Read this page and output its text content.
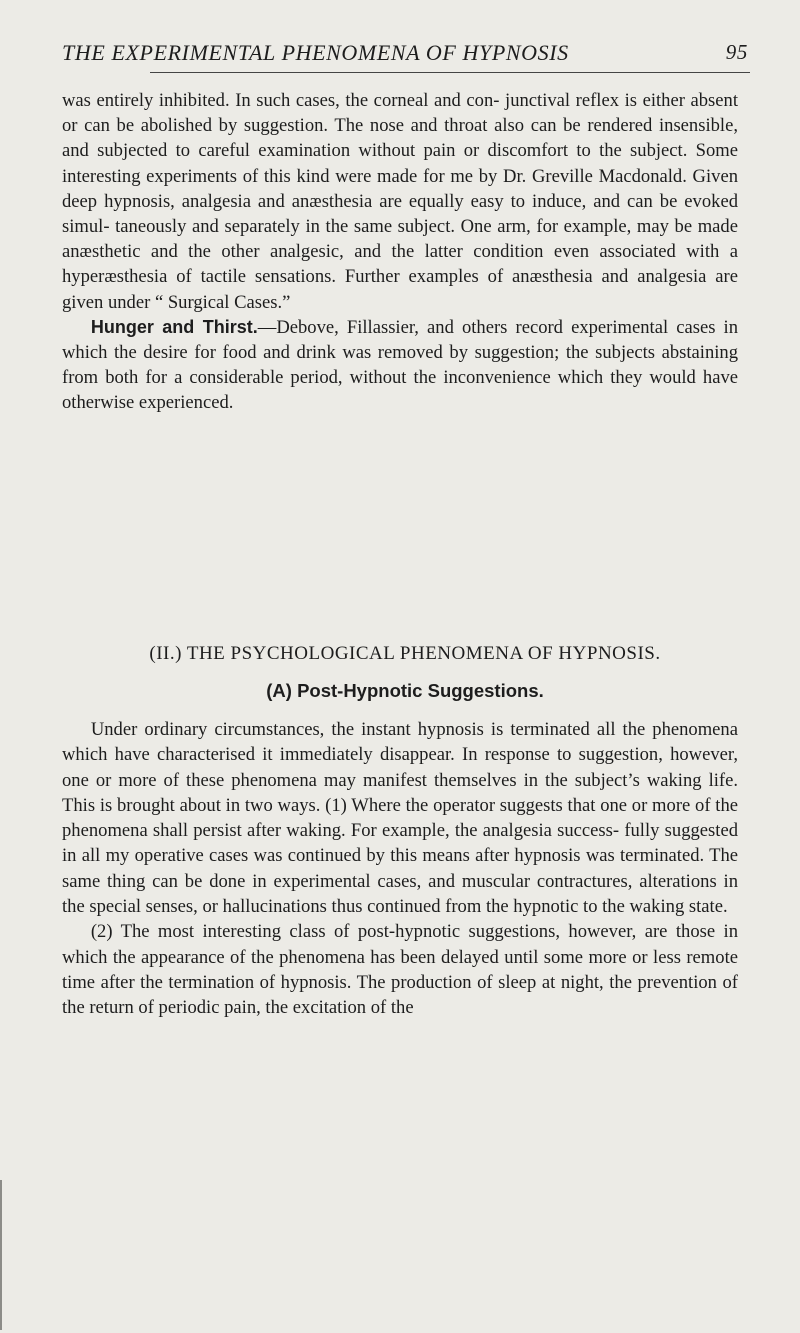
THE EXPERIMENTAL PHENOMENA OF HYPNOSIS	95

was entirely inhibited. In such cases, the corneal and con- junctival reflex is either absent or can be abolished by suggestion. The nose and throat also can be rendered insensible, and subjected to careful examination without pain or discomfort to the subject. Some interesting experiments of this kind were made for me by Dr. Greville Macdonald. Given deep hypnosis, analgesia and anæsthesia are equally easy to induce, and can be evoked simul- taneously and separately in the same subject. One arm, for example, may be made anæsthetic and the other analgesic, and the latter condition even associated with a hyperæsthesia of tactile sensations. Further examples of anæsthesia and analgesia are given under “ Surgical Cases.”

Hunger and Thirst.—Debove, Fillassier, and others record experimental cases in which the desire for food and drink was removed by suggestion; the subjects abstaining from both for a considerable period, without the inconvenience which they would have otherwise experienced.

(II.) THE PSYCHOLOGICAL PHENOMENA OF HYPNOSIS.
(A) Post-Hypnotic Suggestions.

Under ordinary circumstances, the instant hypnosis is terminated all the phenomena which have characterised it immediately disappear. In response to suggestion, however, one or more of these phenomena may manifest themselves in the subject’s waking life. This is brought about in two ways. (1) Where the operator suggests that one or more of the phenomena shall persist after waking. For example, the analgesia success- fully suggested in all my operative cases was continued by this means after hypnosis was terminated. The same thing can be done in experimental cases, and muscular contractures, alterations in the special senses, or hallucinations thus continued from the hypnotic to the waking state.

(2) The most interesting class of post-hypnotic suggestions, however, are those in which the appearance of the phenomena has been delayed until some more or less remote time after the termination of hypnosis. The production of sleep at night, the prevention of the return of periodic pain, the excitation of the
